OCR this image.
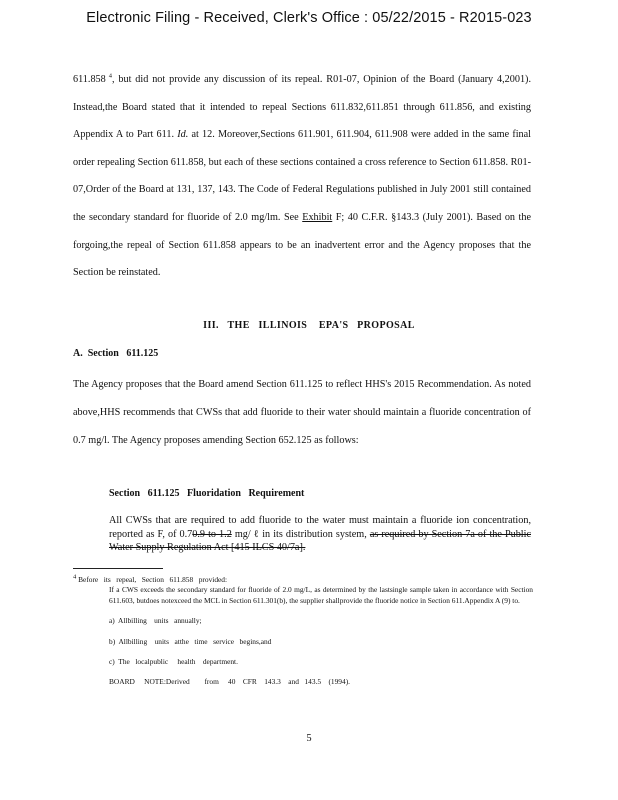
Electronic Filing - Received, Clerk's Office : 05/22/2015 - R2015-023

611.858 $^4$, but did not provide any discussion of its repeal. R01-07, Opinion of the Board (January 4,2001). Instead,the Board stated that it intended to repeal Sections 611.832,611.851 through 611.856, and existing Appendix A to Part 611. Id. at 12. Moreover,Sections 611.901, 611.904, 611.908 were added in the same final order repealing Section 611.858, but each of these sections contained a cross reference to Section 611.858. R01-07,Order of the Board at 131, 137, 143. The Code of Federal Regulations published in July 2001 still contained the secondary standard for fluoride of 2.0 mg/lm. See Exhibit F; 40 C.F.R. §143.3 (July 2001). Based on the forgoing,the repeal of Section 611.858 appears to be an inadvertent error and the Agency proposes that the Section be reinstated.

III.   THE   ILLINOIS    EPA'S   PROPOSAL
A.  Section   611.125

The Agency proposes that the Board amend Section 611.125 to reflect HHS's 2015 Recommendation. As noted above,HHS recommends that CWSs that add fluoride to their water should maintain a fluoride concentration of 0.7 mg/l. The Agency proposes amending Section 652.125 as follows:

Section   611.125   Fluoridation   Requirement

All CWSs that are required to add fluoride to the water must maintain a fluoride ion concentration, reported as F, of 0.70.9 to 1.2 mg/ ℓ in its distribution system, as required by Section 7a of the Public Water Supply Regulation Act [415 ILCS 40/7a].

4 Before   its   repeal,   Section   611.858   provided:

If a CWS exceeds the secondary standard for fluoride of 2.0 mg/L, as determined by the lastsingle sample taken in accordance with Section 611.603, butdoes notexceed the MCL in Section 611.301(b), the supplier shallprovide the fluoride notice in Section 611.Appendix A (9) to.

a)  Allbilling    units   annually;

b)  Allbilling    units   atthe   time   service   begins,and

c)  The   localpublic     health    department.

BOARD     NOTE:Derived        from     40    CFR    143.3    and   143.5    (1994).

5
